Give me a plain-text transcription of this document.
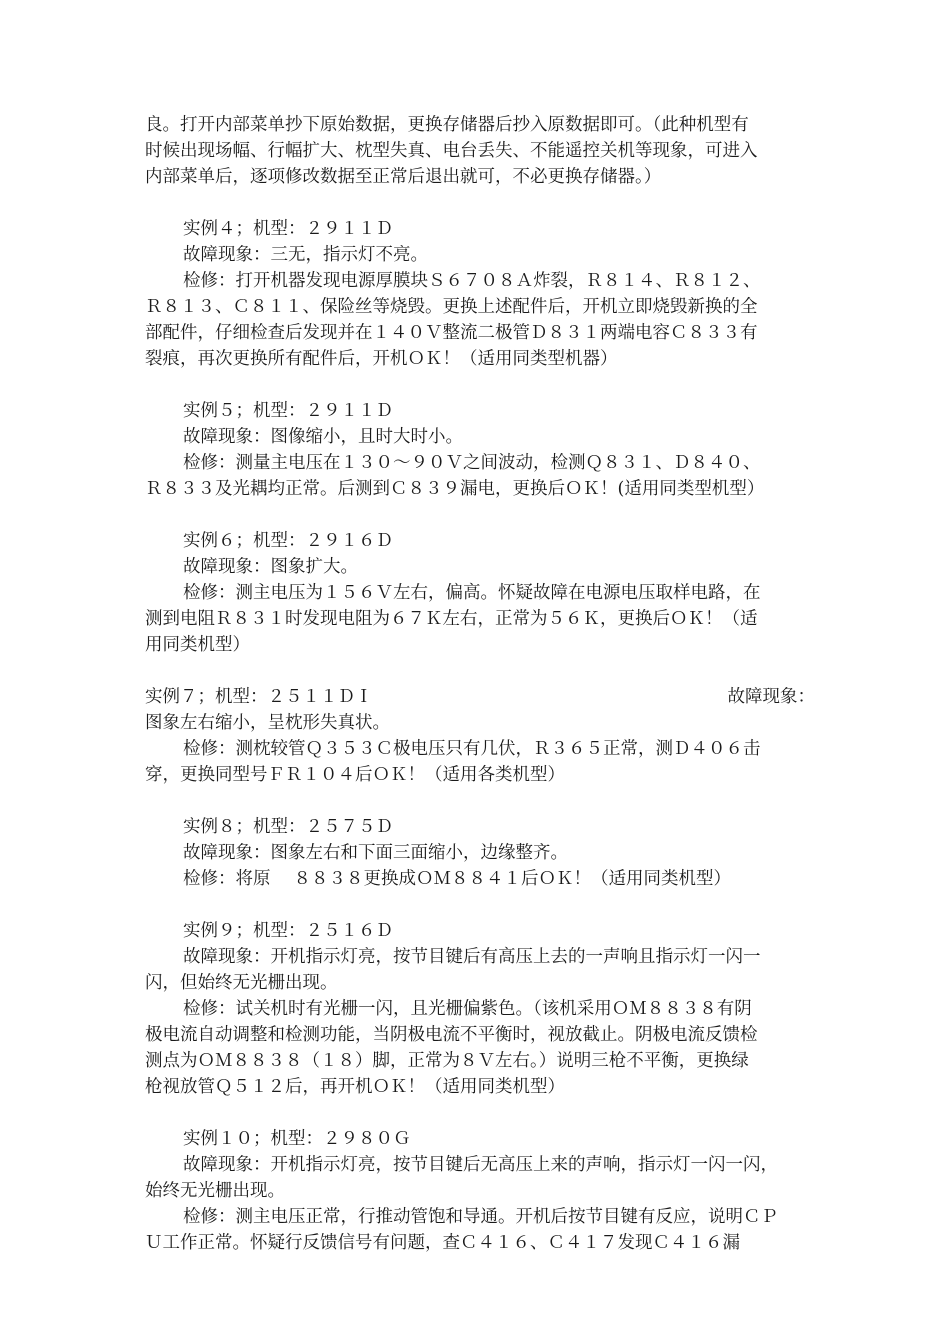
良。打开内部菜单抄下原始数据，更换存储器后抄入原数据即可。（此种机型有
时候出现场幅、行幅扩大、枕型失真、电台丢失、不能遥控关机等现象，可进入
内部菜单后，逐项修改数据至正常后退出就可，不必更换存储器。）
实例４；机型：２９１１Ｄ
故障现象：三无，指示灯不亮。
检修：打开机器发现电源厚膜块Ｓ６７０８Ａ炸裂，Ｒ８１４、Ｒ８１２、
Ｒ８１３、Ｃ８１１、保险丝等烧毁。更换上述配件后，开机立即烧毁新换的全
部配件，仔细检查后发现并在１４０Ｖ整流二极管Ｄ８３１两端电容Ｃ８３３有
裂痕，再次更换所有配件后，开机ＯＫ！（适用同类型机器）
实例５；机型：２９１１Ｄ
故障现象：图像缩小，且时大时小。
检修：测量主电压在１３０～９０Ｖ之间波动，检测Ｑ８３１、Ｄ８４０、
Ｒ８３３及光耦均正常。后测到Ｃ８３９漏电，更换后ＯＫ！(适用同类型机型）
实例６；机型：２９１６Ｄ
故障现象：图象扩大。
检修：测主电压为１５６Ｖ左右，偏高。怀疑故障在电源电压取样电路，在
测到电阻Ｒ８３１时发现电阻为６７Ｋ左右，正常为５６Ｋ，更换后ＯＫ！（适
用同类机型）
实例７；机型：２５１１ＤＩ	故障现象：
图象左右缩小，呈枕形失真状。
检修：测枕较管Ｑ３５３Ｃ极电压只有几伏，Ｒ３６５正常，测Ｄ４０６击
穿，更换同型号ＦＲ１０４后ＯＫ！（适用各类机型）
实例８；机型：２５７５Ｄ
故障现象：图象左右和下面三面缩小，边缘整齐。
检修：将原　 ８８３８更换成ＯＭ８８４１后ＯＫ！（适用同类机型）
实例９；机型：２５１６Ｄ
故障现象：开机指示灯亮，按节目键后有高压上去的一声响且指示灯一闪一
闪，但始终无光栅出现。
检修：试关机时有光栅一闪，且光栅偏紫色。（该机采用ＯＭ８８３８有阴
极电流自动调整和检测功能，当阴极电流不平衡时，视放截止。阴极电流反馈检
测点为ＯＭ８８３８（１８）脚，正常为８Ｖ左右。）说明三枪不平衡，更换绿
枪视放管Ｑ５１２后，再开机ＯＫ！（适用同类机型）
实例１０；机型：２９８０Ｇ
故障现象：开机指示灯亮，按节目键后无高压上来的声响，指示灯一闪一闪，
始终无光栅出现。
检修：测主电压正常，行推动管饱和导通。开机后按节目键有反应，说明ＣＰ
Ｕ工作正常。怀疑行反馈信号有问题，查Ｃ４１６、Ｃ４１７发现Ｃ４１６漏
